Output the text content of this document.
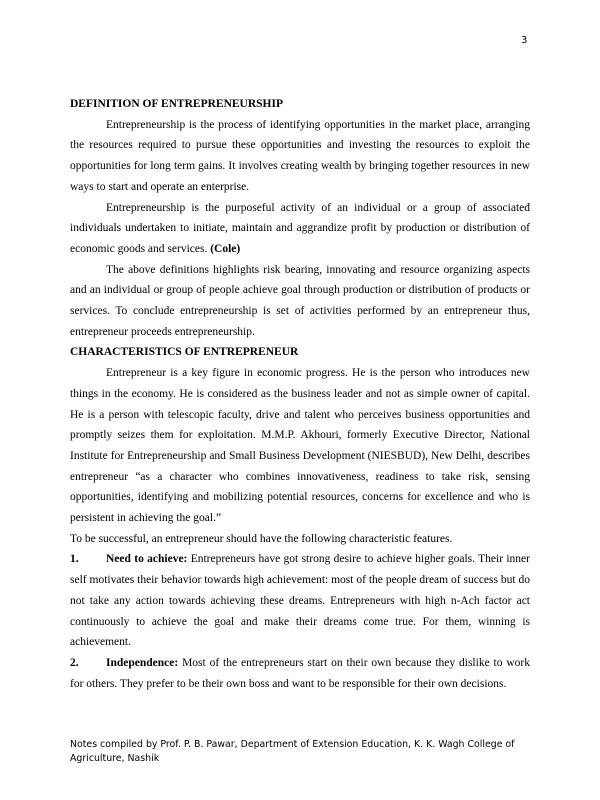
3
DEFINITION OF ENTREPRENEURSHIP

Entrepreneurship is the process of identifying opportunities in the market place, arranging the resources required to pursue these opportunities and investing the resources to exploit the opportunities for long term gains. It involves creating wealth by bringing together resources in new ways to start and operate an enterprise.

Entrepreneurship is the purposeful activity of an individual or a group of associated individuals undertaken to initiate, maintain and aggrandize profit by production or distribution of economic goods and services. (Cole)

The above definitions highlights risk bearing, innovating and resource organizing aspects and an individual or group of people achieve goal through production or distribution of products or services. To conclude entrepreneurship is set of activities performed by an entrepreneur thus, entrepreneur proceeds entrepreneurship.

CHARACTERISTICS OF ENTREPRENEUR

Entrepreneur is a key figure in economic progress. He is the person who introduces new things in the economy. He is considered as the business leader and not as simple owner of capital. He is a person with telescopic faculty, drive and talent who perceives business opportunities and promptly seizes them for exploitation. M.M.P. Akhouri, formerly Executive Director, National Institute for Entrepreneurship and Small Business Development (NIESBUD), New Delhi, describes entrepreneur “as a character who combines innovativeness, readiness to take risk, sensing opportunities, identifying and mobilizing potential resources, concerns for excellence and who is persistent in achieving the goal.”

To be successful, an entrepreneur should have the following characteristic features.

1. Need to achieve: Entrepreneurs have got strong desire to achieve higher goals. Their inner self motivates their behavior towards high achievement: most of the people dream of success but do not take any action towards achieving these dreams. Entrepreneurs with high n-Ach factor act continuously to achieve the goal and make their dreams come true. For them, winning is achievement.

2. Independence: Most of the entrepreneurs start on their own because they dislike to work for others. They prefer to be their own boss and want to be responsible for their own decisions.

Notes compiled by Prof. P. B. Pawar, Department of Extension Education, K. K. Wagh College of Agriculture, Nashik
